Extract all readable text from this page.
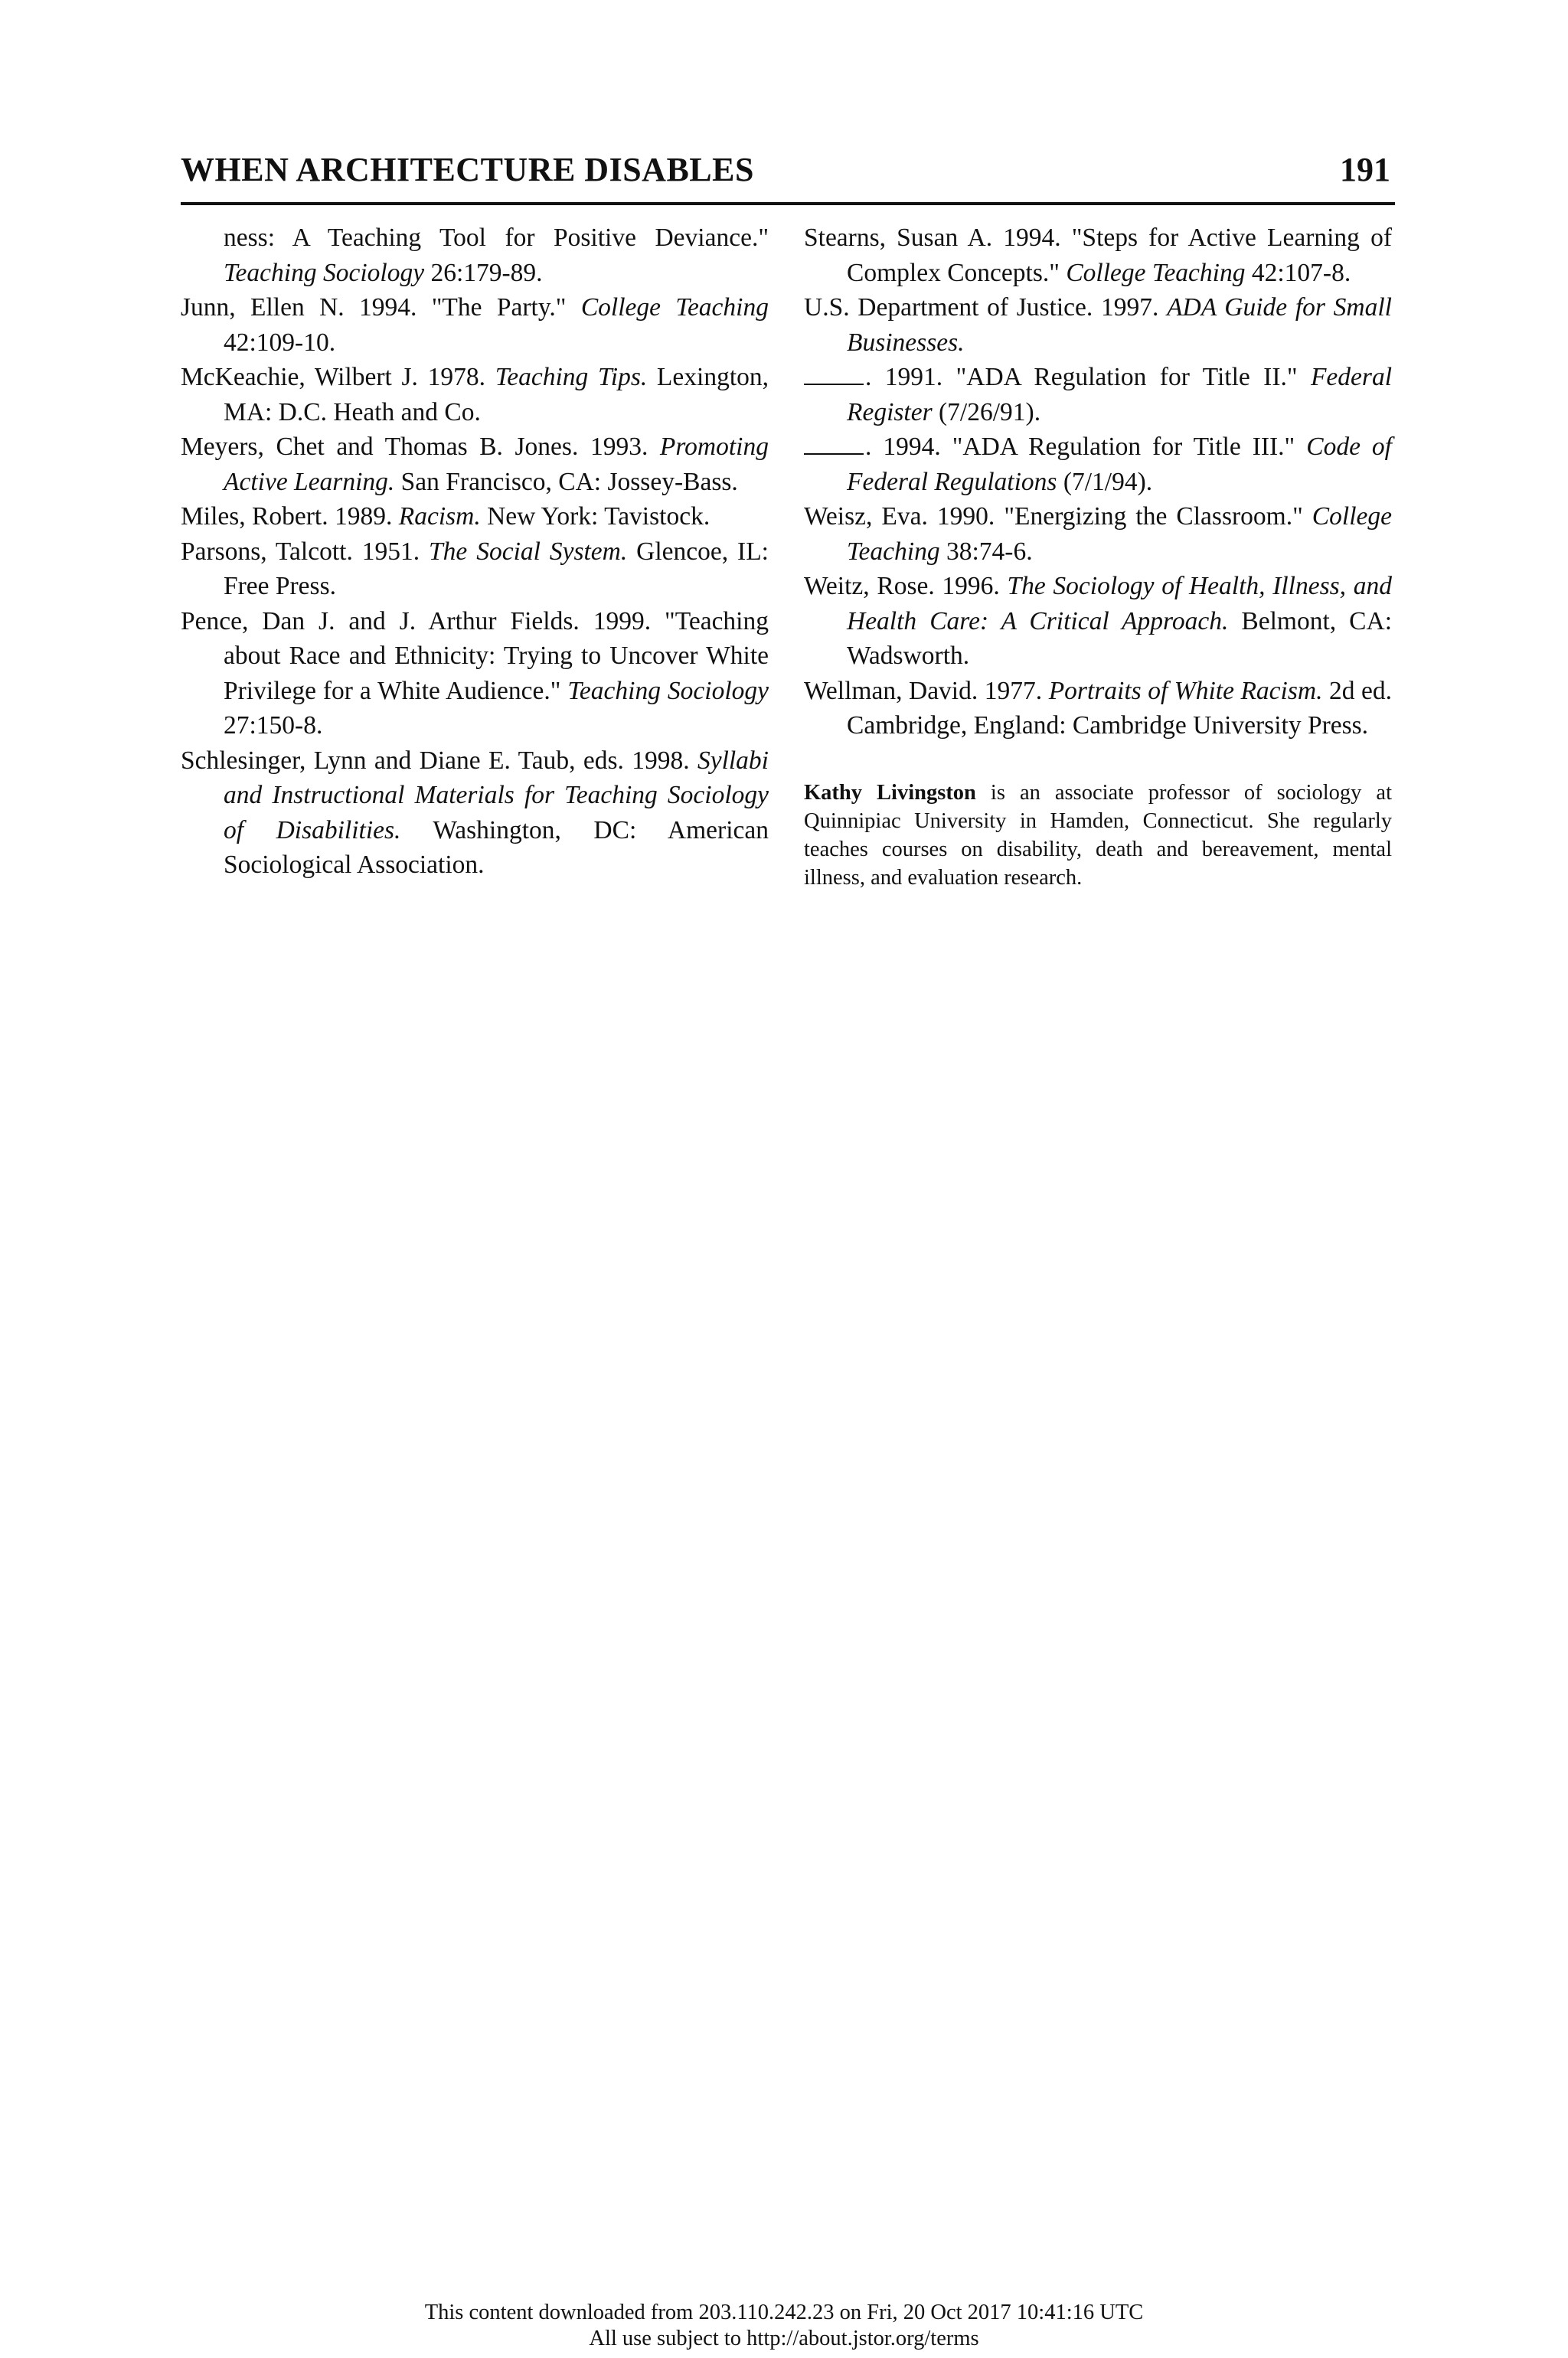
WHEN ARCHITECTURE DISABLES	191

ness: A Teaching Tool for Positive Deviance." Teaching Sociology 26:179-89.

Junn, Ellen N. 1994. "The Party." College Teaching 42:109-10.

McKeachie, Wilbert J. 1978. Teaching Tips. Lexington, MA: D.C. Heath and Co.

Meyers, Chet and Thomas B. Jones. 1993. Promoting Active Learning. San Francisco, CA: Jossey-Bass.

Miles, Robert. 1989. Racism. New York: Tavistock.

Parsons, Talcott. 1951. The Social System. Glencoe, IL: Free Press.

Pence, Dan J. and J. Arthur Fields. 1999. "Teaching about Race and Ethnicity: Trying to Uncover White Privilege for a White Audience." Teaching Sociology 27:150-8.

Schlesinger, Lynn and Diane E. Taub, eds. 1998. Syllabi and Instructional Materials for Teaching Sociology of Disabilities. Washington, DC: American Sociological Association.

Stearns, Susan A. 1994. "Steps for Active Learning of Complex Concepts." College Teaching 42:107-8.

U.S. Department of Justice. 1997. ADA Guide for Small Businesses.

. 1991. "ADA Regulation for Title II." Federal Register (7/26/91).

. 1994. "ADA Regulation for Title III." Code of Federal Regulations (7/1/94).

Weisz, Eva. 1990. "Energizing the Classroom." College Teaching 38:74-6.

Weitz, Rose. 1996. The Sociology of Health, Illness, and Health Care: A Critical Approach. Belmont, CA: Wadsworth.

Wellman, David. 1977. Portraits of White Racism. 2d ed. Cambridge, England: Cambridge University Press.

Kathy Livingston is an associate professor of sociology at Quinnipiac University in Hamden, Connecticut. She regularly teaches courses on disability, death and bereavement, mental illness, and evaluation research.

This content downloaded from 203.110.242.23 on Fri, 20 Oct 2017 10:41:16 UTC
All use subject to http://about.jstor.org/terms
